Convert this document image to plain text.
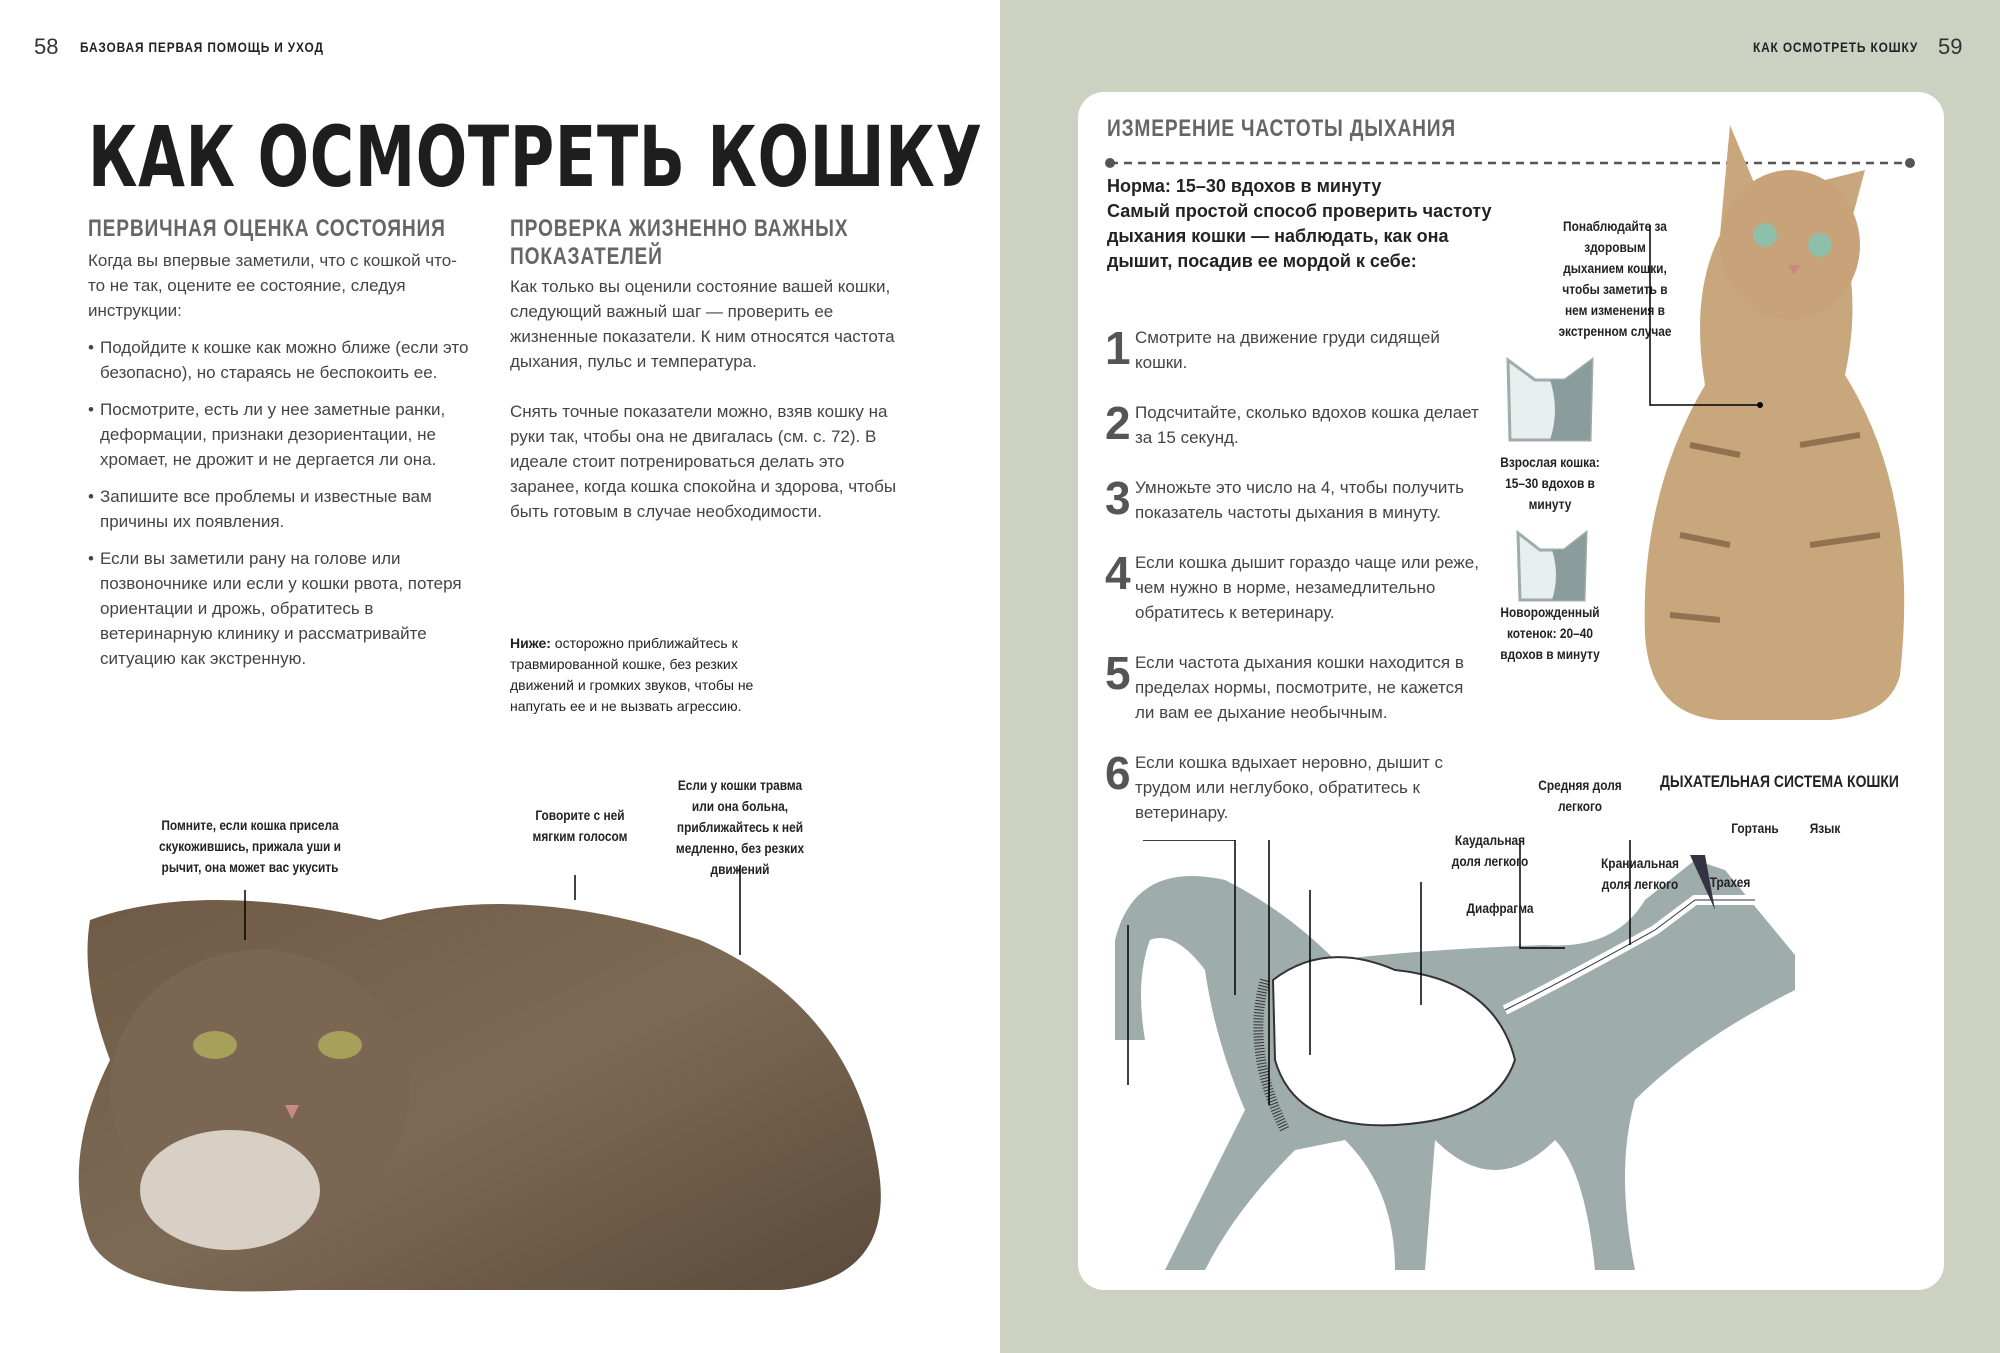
58 БАЗОВАЯ ПЕРВАЯ ПОМОЩЬ И УХОД
КАК ОСМОТРЕТЬ КОШКУ
ПЕРВИЧНАЯ ОЦЕНКА СОСТОЯНИЯ

Когда вы впервые заметили, что с кошкой что-то не так, оцените ее состояние, следуя инструкции:

• Подойдите к кошке как можно ближе (если это безопасно), но стараясь не беспокоить ее.
• Посмотрите, есть ли у нее заметные ранки, деформации, признаки дезориентации, не хромает, не дрожит и не дергается ли она.
• Запишите все проблемы и известные вам причины их появления.
• Если вы заметили рану на голове или позвоночнике или если у кошки рвота, потеря ориентации и дрожь, обратитесь в ветеринарную клинику и рассматривайте ситуацию как экстренную.
ПРОВЕРКА ЖИЗНЕННО ВАЖНЫХ ПОКАЗАТЕЛЕЙ

Как только вы оценили состояние вашей кошки, следующий важный шаг — проверить ее жизненные показатели. К ним относятся частота дыхания, пульс и температура.

Снять точные показатели можно, взяв кошку на руки так, чтобы она не двигалась (см. с. 72). В идеале стоит потренироваться делать это заранее, когда кошка спокойна и здорова, чтобы быть готовым в случае необходимости.

Ниже: осторожно приближайтесь к травмированной кошке, без резких движений и громких звуков, чтобы не напугать ее и не вызвать агрессию.
Помните, если кошка присела скукожившись, прижала уши и рычит, она может вас укусить
Говорите с ней мягким голосом
Если у кошки травма или она больна, приближайтесь к ней медленно, без резких движений
59
КАК ОСМОТРЕТЬ КОШКУ
ИЗМЕРЕНИЕ ЧАСТОТЫ ДЫХАНИЯ
Норма: 15–30 вдохов в минуту
Самый простой способ проверить частоту дыхания кошки — наблюдать, как она дышит, посадив ее мордой к себе:
1 Смотрите на движение груди сидящей кошки.
2 Подсчитайте, сколько вдохов кошка делает за 15 секунд.
3 Умножьте это число на 4, чтобы получить показатель частоты дыхания в минуту.
4 Если кошка дышит гораздо чаще или реже, чем нужно в норме, незамедлительно обратитесь к ветеринару.
5 Если частота дыхания кошки находится в пределах нормы, посмотрите, не кажется ли вам ее дыхание необычным.
6 Если кошка вдыхает неровно, дышит с трудом или неглубоко, обратитесь к ветеринару.
Взрослая кошка: 15–30 вдохов в минуту
Новорожденный котенок: 20–40 вдохов в минуту
Понаблюдайте за здоровым дыханием кошки, чтобы заметить в нем изменения в экстренном случае
ДЫХАТЕЛЬНАЯ СИСТЕМА КОШКИ
Средняя доля легкого
Каудальная доля легкого	Краниальная доля легкого
Диафрагма
Трахея
Гортань	Язык
